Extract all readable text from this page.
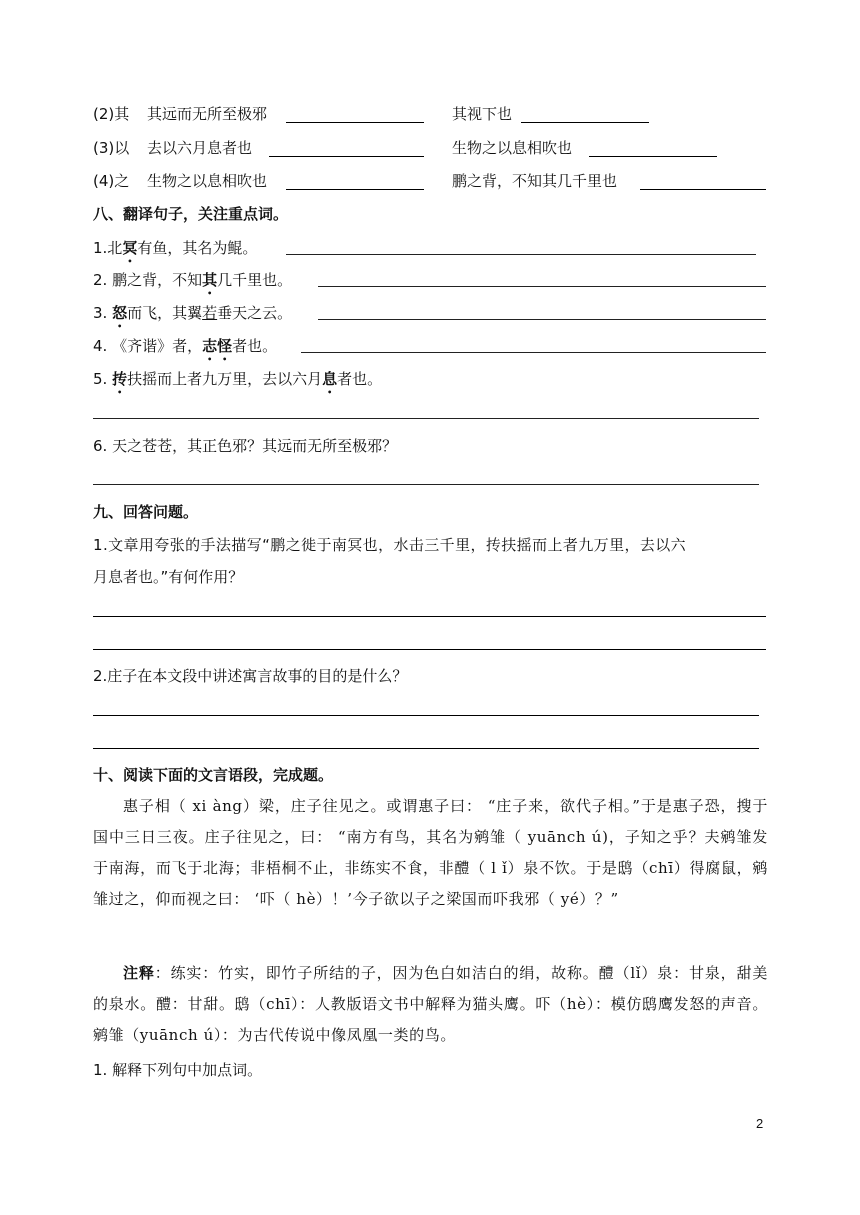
(2)其 其远而无所至极邪	其视下也
(3)以 去以六月息者也	生物之以息相吹也
(4)之 生物之以息相吹也	鹏之背，不知其几千里也
八、翻译句子，关注重点词。
1.北冥有鱼，其名为鲲。
2. 鹏之背，不知其几千里也。
3. 怒而飞，其翼若垂天之云。
4. 《齐谐》者，志怪者也。
5. 抟扶摇而上者九万里，去以六月息者也。
6. 天之苍苍，其正色邪？其远而无所至极邪？
九、回答问题。
1.文章用夸张的手法描写“鹏之徙于南冥也，水击三千里，抟扶摇而上者九万里，去以六
月息者也。”有何作用？
2.庄子在本文段中讲述寓言故事的目的是什么？
十、阅读下面的文言语段，完成题。
惠子相（ xi àng）梁，庄子往见之。或谓惠子曰： “庄子来，欲代子相。”于是惠子恐，搜于国中三日三夜。庄子往见之，曰： “南方有鸟，其名为鹓雏（ yuānch ú)，子知之乎？夫鹓雏发于南海，而飞于北海；非梧桐不止，非练实不食，非醴（ l ǐ）泉不饮。于是鸱（chī）得腐鼠，鹓雏过之，仰而视之曰： ‘吓（ hè）！’今子欲以子之梁国而吓我邪（ yé）？”
注释：练实：竹实，即竹子所结的子，因为色白如洁白的绢，故称。醴（lǐ）泉：甘泉，甜美的泉水。醴：甘甜。鸱（chī）：人教版语文书中解释为猫头鹰。吓（hè）：模仿鸱鹰发怒的声音。鹓雏（yuānch ú）：为古代传说中像凤凰一类的鸟。
1. 解释下列句中加点词。
2
